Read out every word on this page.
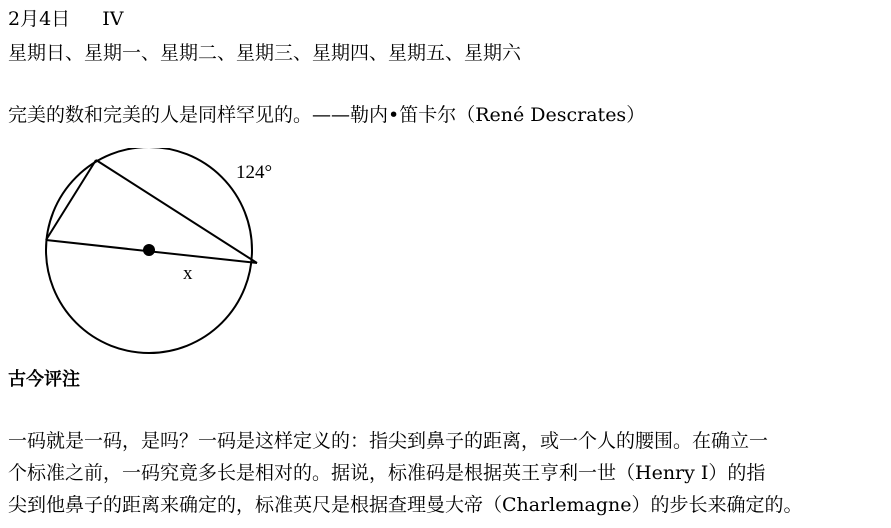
2月4日 IV
星期日、星期一、星期二、星期三、星期四、星期五、星期六
完美的数和完美的人是同样罕见的。——勒内•笛卡尔（René Descrates）
124°
x
古今评注
一码就是一码，是吗？一码是这样定义的：指尖到鼻子的距离，或一个人的腰围。在确立一
个标准之前，一码究竟多长是相对的。据说，标准码是根据英王亨利一世（Henry I）的指
尖到他鼻子的距离来确定的，标准英尺是根据查理曼大帝（Charlemagne）的步长来确定的。
